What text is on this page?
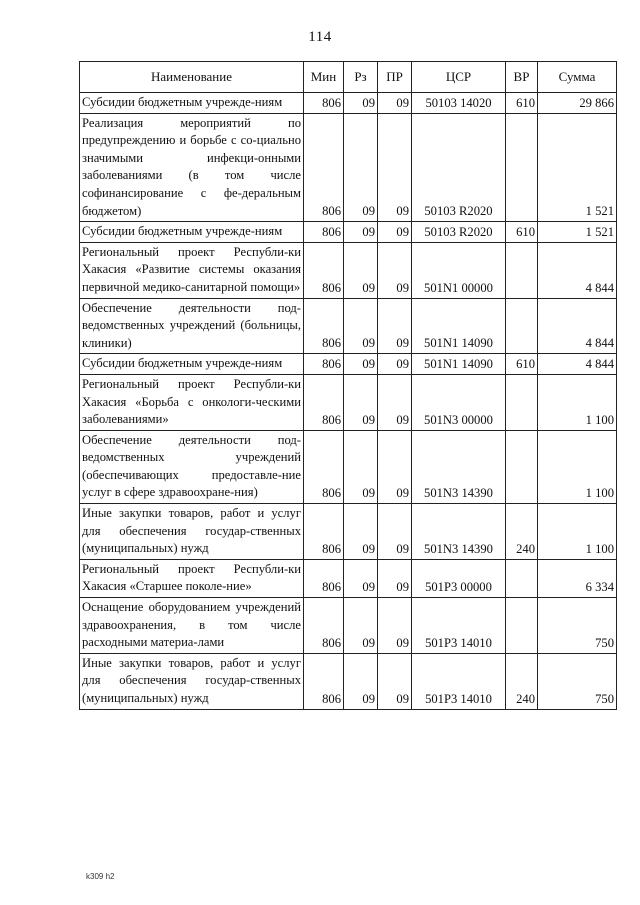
114
Наименование	Мин	Рз	ПР	ЦСР	ВР	Сумма
Субсидии бюджетным учрежде-ниям	806	09	09	50103 14020	610	29 866
Реализация мероприятий по предупреждению и борьбе с со-циально значимыми инфекци-онными заболеваниями (в том числе софинансирование с фе-деральным бюджетом)	806	09	09	50103 R2020		1 521
Субсидии бюджетным учрежде-ниям	806	09	09	50103 R2020	610	1 521
Региональный проект Республи-ки Хакасия «Развитие системы оказания первичной медико-санитарной помощи»	806	09	09	501N1 00000		4 844
Обеспечение деятельности под-ведомственных учреждений (больницы, клиники)	806	09	09	501N1 14090		4 844
Субсидии бюджетным учрежде-ниям	806	09	09	501N1 14090	610	4 844
Региональный проект Республи-ки Хакасия «Борьба с онкологи-ческими заболеваниями»	806	09	09	501N3 00000		1 100
Обеспечение деятельности под-ведомственных учреждений (обеспечивающих предоставле-ние услуг в сфере здравоохране-ния)	806	09	09	501N3 14390		1 100
Иные закупки товаров, работ и услуг для обеспечения государ-ственных (муниципальных) нужд	806	09	09	501N3 14390	240	1 100
Региональный проект Республи-ки Хакасия «Старшее поколе-ние»	806	09	09	501P3 00000		6 334
Оснащение оборудованием учреждений здравоохранения, в том числе расходными материа-лами	806	09	09	501P3 14010		750
Иные закупки товаров, работ и услуг для обеспечения государ-ственных (муниципальных) нужд	806	09	09	501P3 14010	240	750
k309 h2
